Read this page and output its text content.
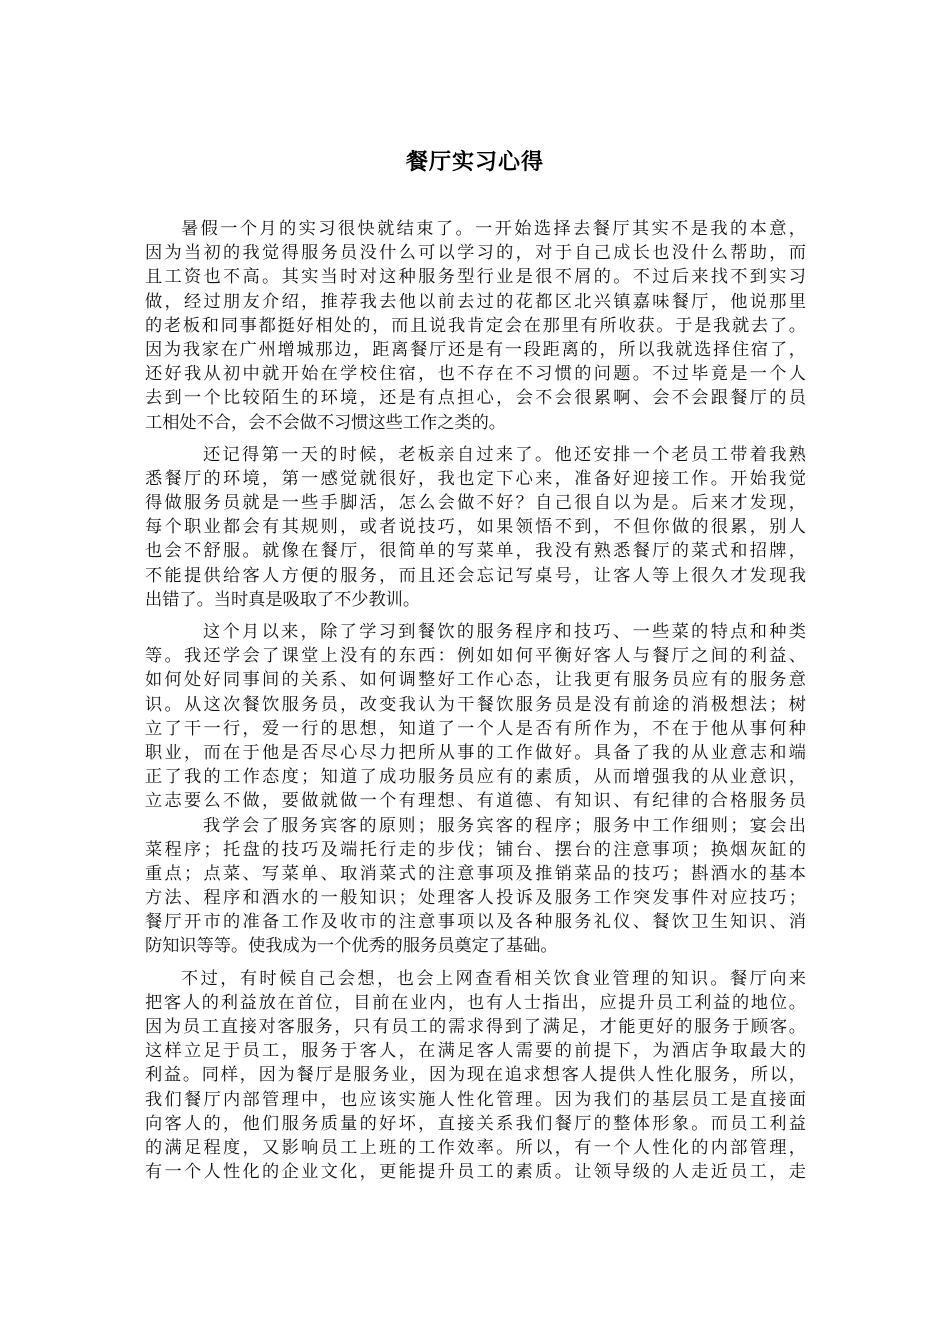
餐厅实习心得
暑假一个月的实习很快就结束了。一开始选择去餐厅其实不是我的本意，
因为当初的我觉得服务员没什么可以学习的，对于自己成长也没什么帮助，而
且工资也不高。其实当时对这种服务型行业是很不屑的。不过后来找不到实习
做，经过朋友介绍，推荐我去他以前去过的花都区北兴镇嘉味餐厅，他说那里
的老板和同事都挺好相处的，而且说我肯定会在那里有所收获。于是我就去了。
因为我家在广州增城那边，距离餐厅还是有一段距离的，所以我就选择住宿了，
还好我从初中就开始在学校住宿，也不存在不习惯的问题。不过毕竟是一个人
去到一个比较陌生的环境，还是有点担心，会不会很累啊、会不会跟餐厅的员
工相处不合，会不会做不习惯这些工作之类的。
还记得第一天的时候，老板亲自过来了。他还安排一个老员工带着我熟
悉餐厅的环境，第一感觉就很好，我也定下心来，准备好迎接工作。开始我觉
得做服务员就是一些手脚活，怎么会做不好？自己很自以为是。后来才发现，
每个职业都会有其规则，或者说技巧，如果领悟不到，不但你做的很累，别人
也会不舒服。就像在餐厅，很简单的写菜单，我没有熟悉餐厅的菜式和招牌，
不能提供给客人方便的服务，而且还会忘记写桌号，让客人等上很久才发现我
出错了。当时真是吸取了不少教训。
这个月以来，除了学习到餐饮的服务程序和技巧、一些菜的特点和种类
等。我还学会了课堂上没有的东西：例如如何平衡好客人与餐厅之间的利益、
如何处好同事间的关系、如何调整好工作心态，让我更有服务员应有的服务意
识。从这次餐饮服务员，改变我认为干餐饮服务员是没有前途的消极想法；树
立了干一行，爱一行的思想，知道了一个人是否有所作为，不在于他从事何种
职业，而在于他是否尽心尽力把所从事的工作做好。具备了我的从业意志和端
正了我的工作态度；知道了成功服务员应有的素质，从而增强我的从业意识，
立志要么不做，要做就做一个有理想、有道德、有知识、有纪律的合格服务员
我学会了服务宾客的原则；服务宾客的程序；服务中工作细则；宴会出
菜程序；托盘的技巧及端托行走的步伐；铺台、摆台的注意事项；换烟灰缸的
重点；点菜、写菜单、取消菜式的注意事项及推销菜品的技巧；斟酒水的基本
方法、程序和酒水的一般知识；处理客人投诉及服务工作突发事件对应技巧；
餐厅开市的准备工作及收市的注意事项以及各种服务礼仪、餐饮卫生知识、消
防知识等等。使我成为一个优秀的服务员奠定了基础。
不过，有时候自己会想，也会上网查看相关饮食业管理的知识。餐厅向来
把客人的利益放在首位，目前在业内，也有人士指出，应提升员工利益的地位。
因为员工直接对客服务，只有员工的需求得到了满足，才能更好的服务于顾客。
这样立足于员工，服务于客人，在满足客人需要的前提下，为酒店争取最大的
利益。同样，因为餐厅是服务业，因为现在追求想客人提供人性化服务，所以，
我们餐厅内部管理中，也应该实施人性化管理。因为我们的基层员工是直接面
向客人的，他们服务质量的好坏，直接关系我们餐厅的整体形象。而员工利益
的满足程度，又影响员工上班的工作效率。所以，有一个人性化的内部管理，
有一个人性化的企业文化，更能提升员工的素质。让领导级的人走近员工，走
